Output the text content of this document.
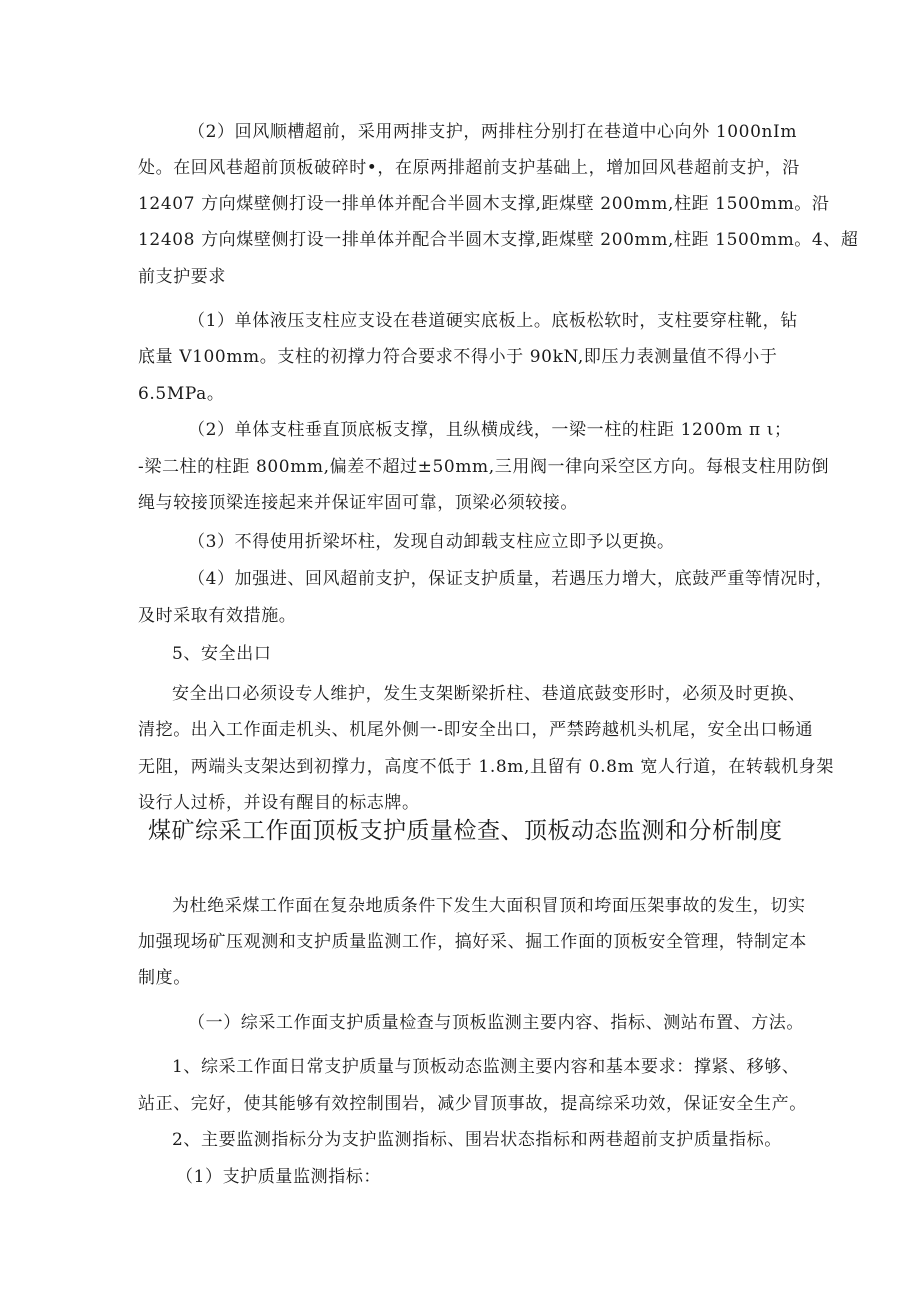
（2）回风顺槽超前，采用两排支护，两排柱分别打在巷道中心向外 1000nIm
处。在回风巷超前顶板破碎时•，在原两排超前支护基础上，增加回风巷超前支护，沿
12407 方向煤壁侧打设一排单体并配合半圆木支撑,距煤壁 200mm,柱距 1500mm。沿
12408 方向煤壁侧打设一排单体并配合半圆木支撑,距煤壁 200mm,柱距 1500mm。4、超
前支护要求
（1）单体液压支柱应支设在巷道硬实底板上。底板松软时，支柱要穿柱靴，钻
底量 V100mm。支柱的初撑力符合要求不得小于 90kN,即压力表测量值不得小于
6.5MPa。
（2）单体支柱垂直顶底板支撑，且纵横成线，一梁一柱的柱距 1200m π ι；
-梁二柱的柱距 800mm,偏差不超过±50mm,三用阀一律向采空区方向。每根支柱用防倒
绳与较接顶梁连接起来并保证牢固可靠，顶梁必须较接。
（3）不得使用折梁坏柱，发现自动卸载支柱应立即予以更换。
（4）加强进、回风超前支护，保证支护质量，若遇压力增大，底鼓严重等情况时，
及时采取有效措施。
5、安全出口
安全出口必须设专人维护，发生支架断梁折柱、巷道底鼓变形时，必须及时更换、
清挖。出入工作面走机头、机尾外侧一-即安全出口，严禁跨越机头机尾，安全出口畅通
无阻，两端头支架达到初撑力，高度不低于 1.8m,且留有 0.8m 宽人行道，在转载机身架
设行人过桥，并设有醒目的标志牌。
煤矿综采工作面顶板支护质量检查、顶板动态监测和分析制度
为杜绝采煤工作面在复杂地质条件下发生大面积冒顶和垮面压架事故的发生，切实
加强现场矿压观测和支护质量监测工作，搞好采、掘工作面的顶板安全管理，特制定本
制度。
（一）综采工作面支护质量检查与顶板监测主要内容、指标、测站布置、方法。
1、综采工作面日常支护质量与顶板动态监测主要内容和基本要求：撑紧、移够、
站正、完好，使其能够有效控制围岩，减少冒顶事故，提高综采功效，保证安全生产。
2、主要监测指标分为支护监测指标、围岩状态指标和两巷超前支护质量指标。
（1）支护质量监测指标：
